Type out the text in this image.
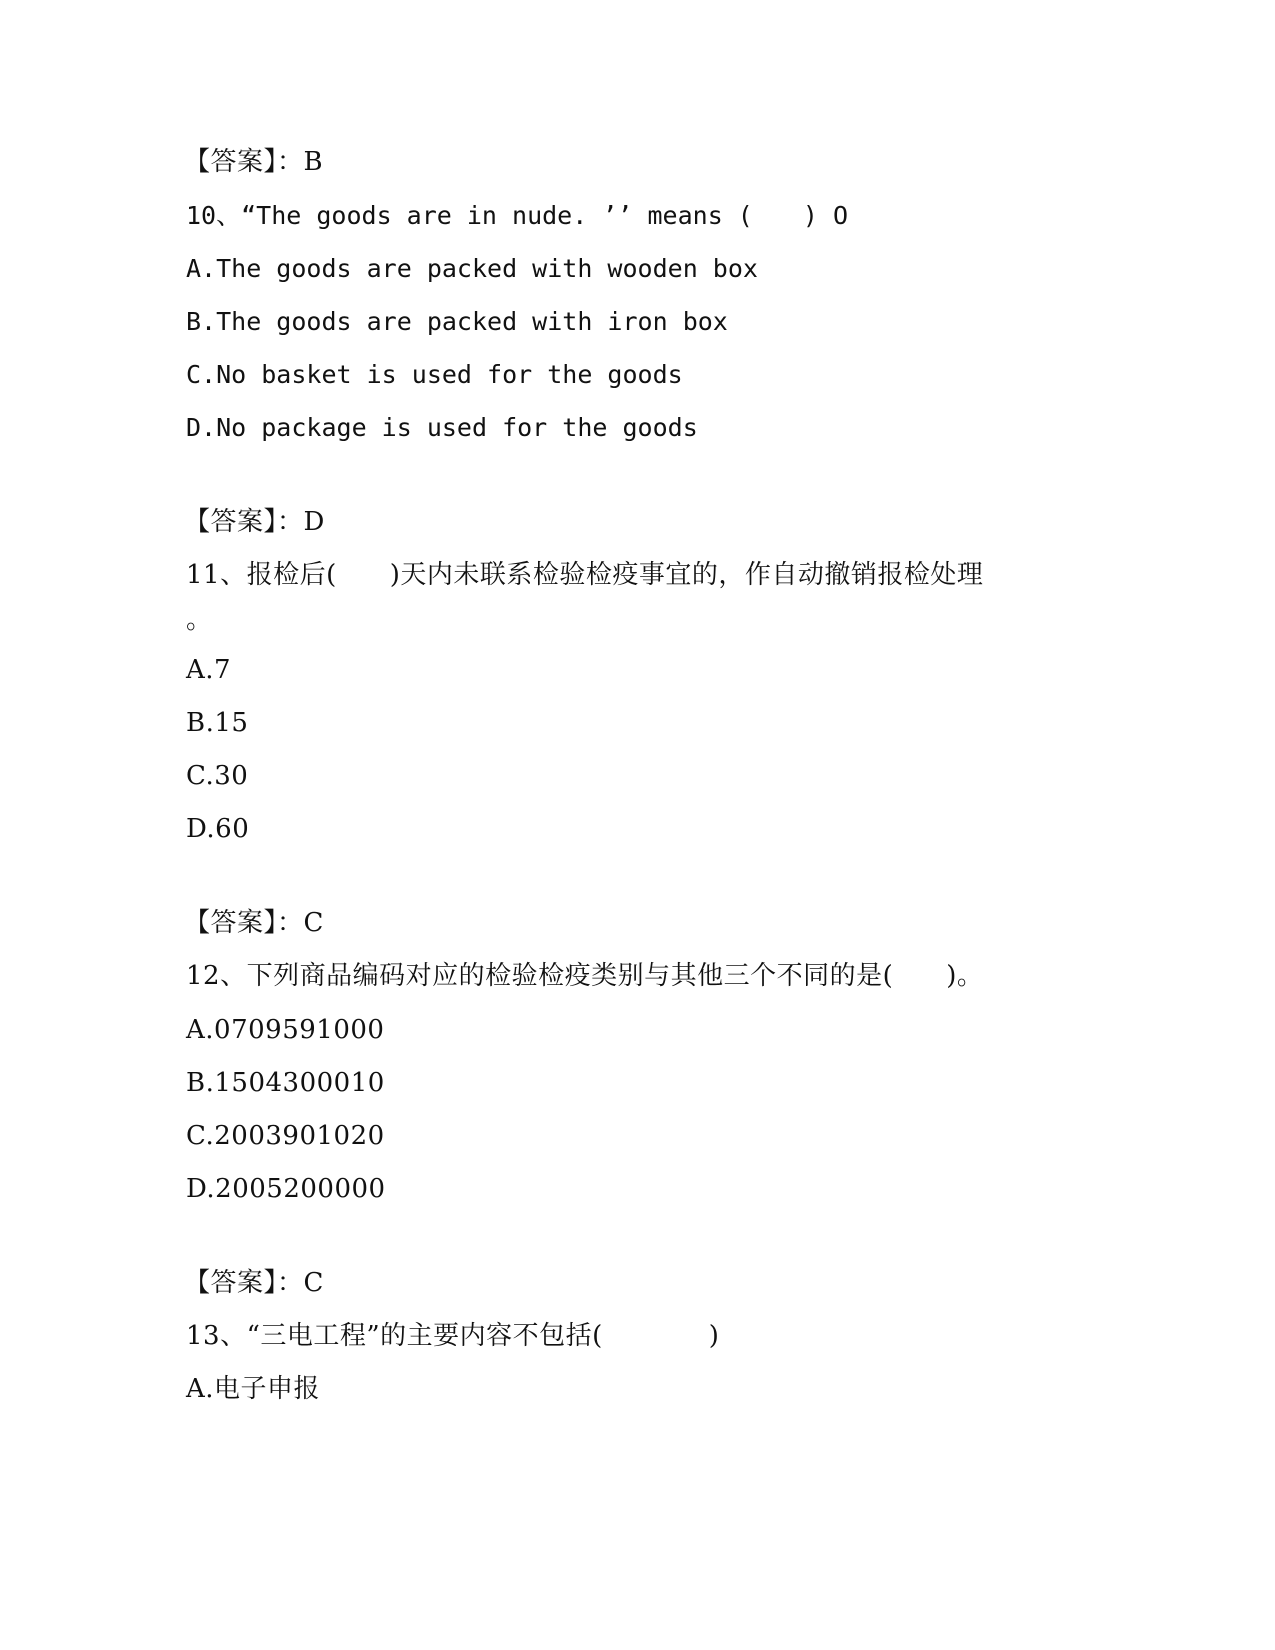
【答案】：B
10、“The goods are in nude. ’’ means (　　) O
A.The goods are packed with wooden box
B.The goods are packed with iron box
C.No basket is used for the goods
D.No package is used for the goods
【答案】：D
11、报检后(　　)天内未联系检验检疫事宜的，作自动撤销报检处理
。
A.7
B.15
C.30
D.60
【答案】：C
12、下列商品编码对应的检验检疫类别与其他三个不同的是(　　)。
A.0709591000
B.1504300010
C.2003901020
D.2005200000
【答案】：C
13、“三电工程”的主要内容不包括(　　　　)
A.电子申报
